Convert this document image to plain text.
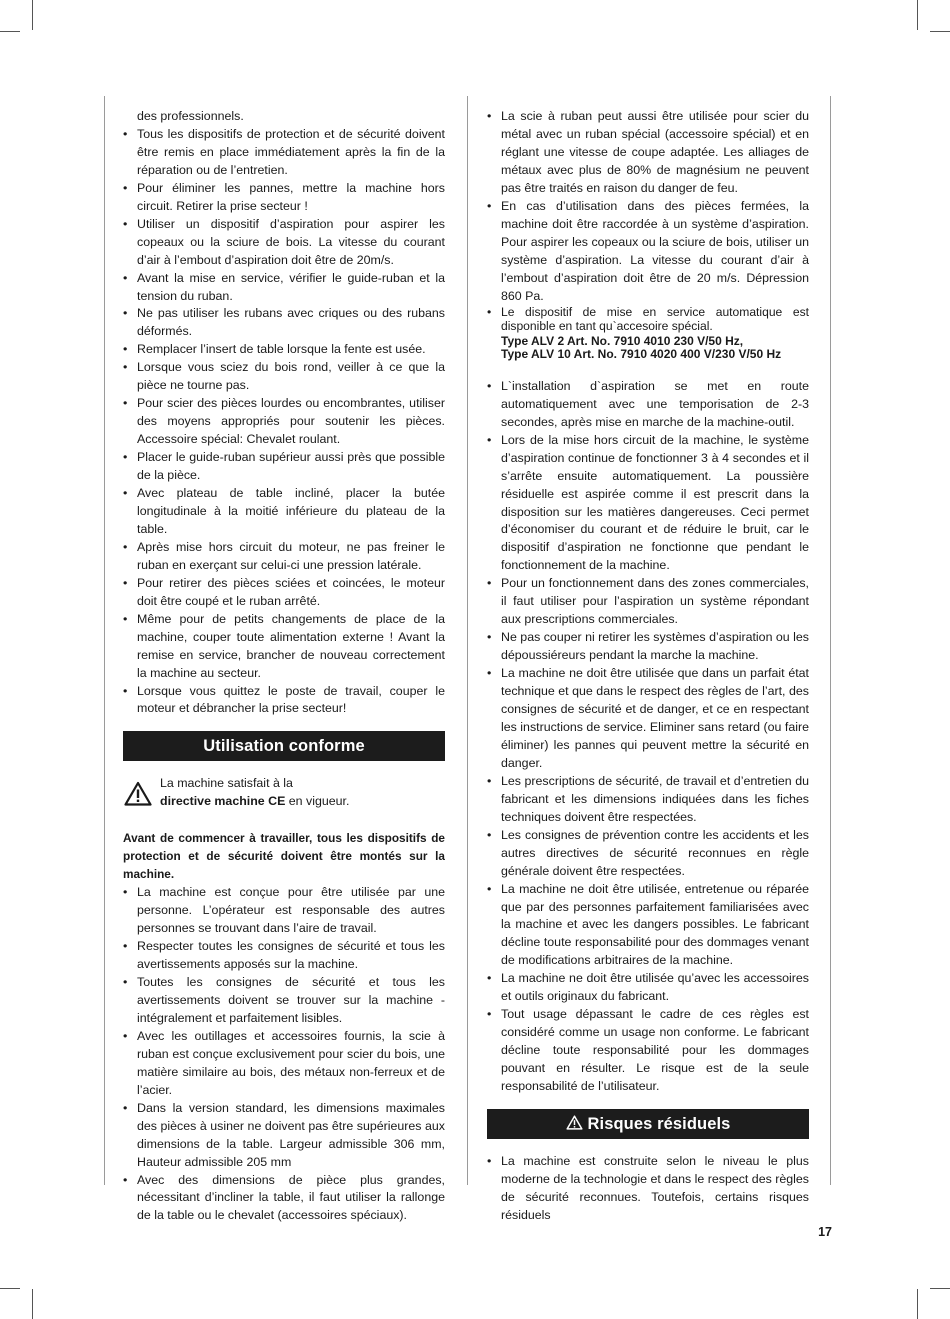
des professionnels.
• Tous les dispositifs de protection et de sécurité doivent être remis en place immédiatement après la fin de la réparation ou de l’entretien.
• Pour éliminer les pannes, mettre la machine hors circuit. Retirer la prise secteur !
• Utiliser un dispositif d’aspiration pour aspirer les copeaux ou la sciure de bois. La vitesse du courant d’air à l’embout d’aspiration doit être de 20m/s.
• Avant la mise en service, vérifier le guide-ruban et la tension du ruban.
• Ne pas utiliser les rubans avec criques ou des rubans déformés.
• Remplacer l’insert de table lorsque la fente est usée.
• Lorsque vous sciez du bois rond, veiller à ce que la pièce ne tourne pas.
• Pour scier des pièces lourdes ou encombrantes, utiliser des moyens appropriés pour soutenir les pièces. Accessoire spécial: Chevalet roulant.
• Placer le guide-ruban supérieur aussi près que possible de la pièce.
• Avec plateau de table incliné, placer la butée longitudinale à la moitié inférieure du plateau de la table.
• Après mise hors circuit du moteur, ne pas freiner le ruban en exerçant sur celui-ci une pression latérale.
• Pour retirer des pièces sciées et coincées, le moteur doit être coupé et le ruban arrêté.
• Même pour de petits changements de place de la machine, couper toute alimentation externe ! Avant la remise en service, brancher de nouveau correctement la machine au secteur.
• Lorsque vous quittez le poste de travail, couper le moteur et débrancher la prise secteur!
Utilisation conforme
La machine satisfait à la
directive machine CE en vigueur.
Avant de commencer à travailler, tous les dispositifs de protection et de sécurité doivent être montés sur la machine.
• La machine est conçue pour être utilisée par une personne. L’opérateur est responsable des autres personnes se trouvant dans l’aire de travail.
• Respecter toutes les consignes de sécurité et tous les avertissements apposés sur la machine.
• Toutes les consignes de sécurité et tous les avertissements doivent se trouver sur la machine - intégralement et parfaitement lisibles.
• Avec les outillages et accessoires fournis, la scie à ruban est conçue exclusivement pour scier du bois, une matière similaire au bois, des métaux non-ferreux et de l’acier.
• Dans la version standard, les dimensions maximales des pièces à usiner ne doivent pas être supérieures aux dimensions de la table. Largeur admissible 306 mm, Hauteur admissible 205 mm
• Avec des dimensions de pièce plus grandes, nécessitant d’incliner la table, il faut utiliser la rallonge de la table ou le chevalet (accessoires spéciaux).
• La scie à ruban peut aussi être utilisée pour scier du métal avec un ruban spécial (accessoire spécial) et en réglant une vitesse de coupe adaptée. Les alliages de métaux avec plus de 80% de magnésium ne peuvent pas être traités en raison du danger de feu.
• En cas d’utilisation dans des pièces fermées, la machine doit être raccordée à un système d’aspiration. Pour aspirer les copeaux ou la sciure de bois, utiliser un système d’aspiration. La vitesse du courant d’air à l’embout d’aspiration doit être de 20 m/s. Dépression 860 Pa.
• Le dispositif de mise en service automatique est disponible en tant qu`accesoire spécial.
Type ALV 2 Art. No. 7910 4010 230 V/50 Hz,
Type ALV 10 Art. No. 7910 4020 400 V/230 V/50 Hz
• L`installation d`aspiration se met en route automatiquement avec une temporisation de 2-3 secondes, après mise en marche de la machine-outil.
• Lors de la mise hors circuit de la machine, le système d’aspiration continue de fonctionner 3 à 4 secondes et il s’arrête ensuite automatiquement. La poussière résiduelle est aspirée comme il est prescrit dans la disposition sur les matières dangereuses. Ceci permet d’économiser du courant et de réduire le bruit, car le dispositif d’aspiration ne fonctionne que pendant le fonctionnement de la machine.
• Pour un fonctionnement dans des zones commerciales, il faut utiliser pour l’aspiration un système répondant aux prescriptions commerciales.
• Ne pas couper ni retirer les systèmes d’aspiration ou les dépoussiéreurs pendant la marche la machine.
• La machine ne doit être utilisée que dans un parfait état technique et que dans le respect des règles de l’art, des consignes de sécurité et de danger, et ce en respectant les instructions de service. Eliminer sans retard (ou faire éliminer) les pannes qui peuvent mettre la sécurité en danger.
• Les prescriptions de sécurité, de travail et d’entretien du fabricant et les dimensions indiquées dans les fiches techniques doivent être respectées.
• Les consignes de prévention contre les accidents et les autres directives de sécurité reconnues en règle générale doivent être respectées.
• La machine ne doit être utilisée, entretenue ou réparée que par des personnes parfaitement familiarisées avec la machine et avec les dangers possibles. Le fabricant décline toute responsabilité pour des dommages venant de modifications arbitraires de la machine.
• La machine ne doit être utilisée qu’avec les accessoires et outils originaux du fabricant.
• Tout usage dépassant le cadre de ces règles est considéré comme un usage non conforme. Le fabricant décline toute responsabilité pour les dommages pouvant en résulter. Le risque est de la seule responsabilité de l’utilisateur.
Risques résiduels
• La machine est construite selon le niveau le plus moderne de la technologie et dans le respect des règles de sécurité reconnues. Toutefois, certains risques résiduels
17
